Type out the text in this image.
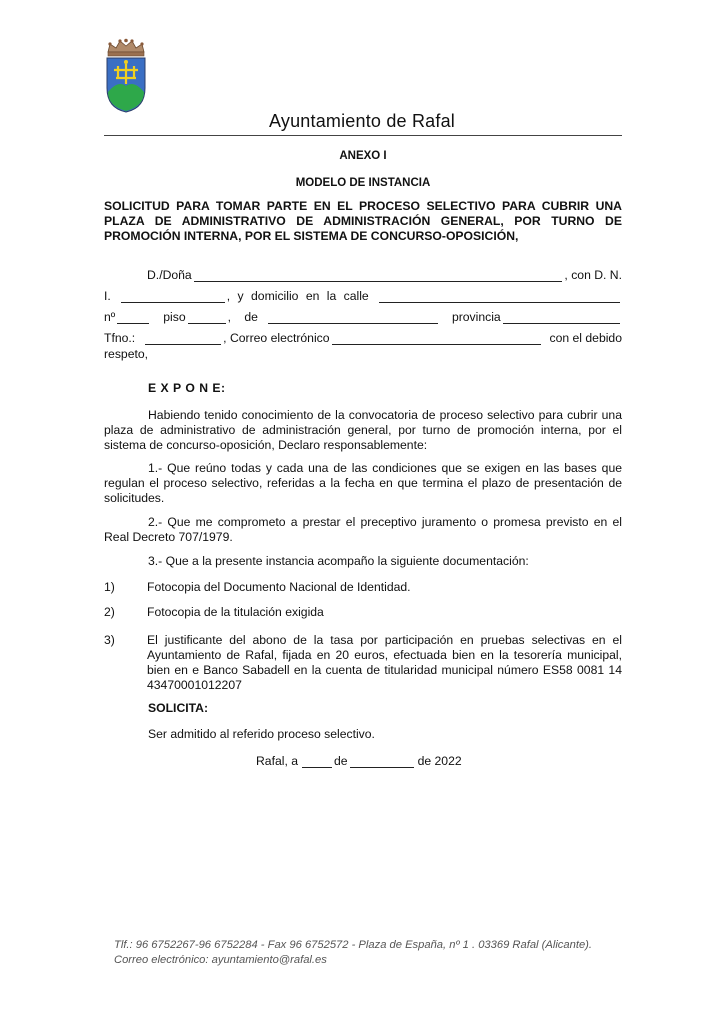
Ayuntamiento de Rafal
ANEXO I
MODELO DE INSTANCIA
SOLICITUD PARA TOMAR PARTE EN EL PROCESO SELECTIVO PARA CUBRIR UNA PLAZA DE ADMINISTRATIVO DE ADMINISTRACIÓN GENERAL, POR TURNO DE PROMOCIÓN INTERNA, POR EL SISTEMA DE CONCURSO-OPOSICIÓN,
D./Doña	, con D. N.
I.	, y domicilio en la calle
nº	piso	, de	provincia
Tfno.:	, Correo electrónico	con el debido
respeto,
E X P O N E:
Habiendo tenido conocimiento de la convocatoria de proceso selectivo para cubrir una plaza de administrativo de administración general, por turno de promoción interna, por el sistema de concurso-oposición, Declaro responsablemente:
1.- Que reúno todas y cada una de las condiciones que se exigen en las bases que regulan el proceso selectivo, referidas a la fecha en que termina el plazo de presentación de solicitudes.
2.- Que me comprometo a prestar el preceptivo juramento o promesa previsto en el Real Decreto 707/1979.
3.- Que a la presente instancia acompaño la siguiente documentación:
1)	Fotocopia del Documento Nacional de Identidad.
2)	Fotocopia de la titulación exigida
3)	El justificante del abono de la tasa por participación en pruebas selectivas en el Ayuntamiento de Rafal, fijada en 20 euros, efectuada bien en la tesorería municipal, bien en e Banco Sabadell en la cuenta de titularidad municipal número ES58 0081 14 43470001012207
SOLICITA:
Ser admitido al referido proceso selectivo.
Rafal, a	de	de 2022
Tlf.: 96 6752267-96 6752284 - Fax 96 6752572 - Plaza de España, nº 1 . 03369 Rafal (Alicante).
Correo electrónico: ayuntamiento@rafal.es
